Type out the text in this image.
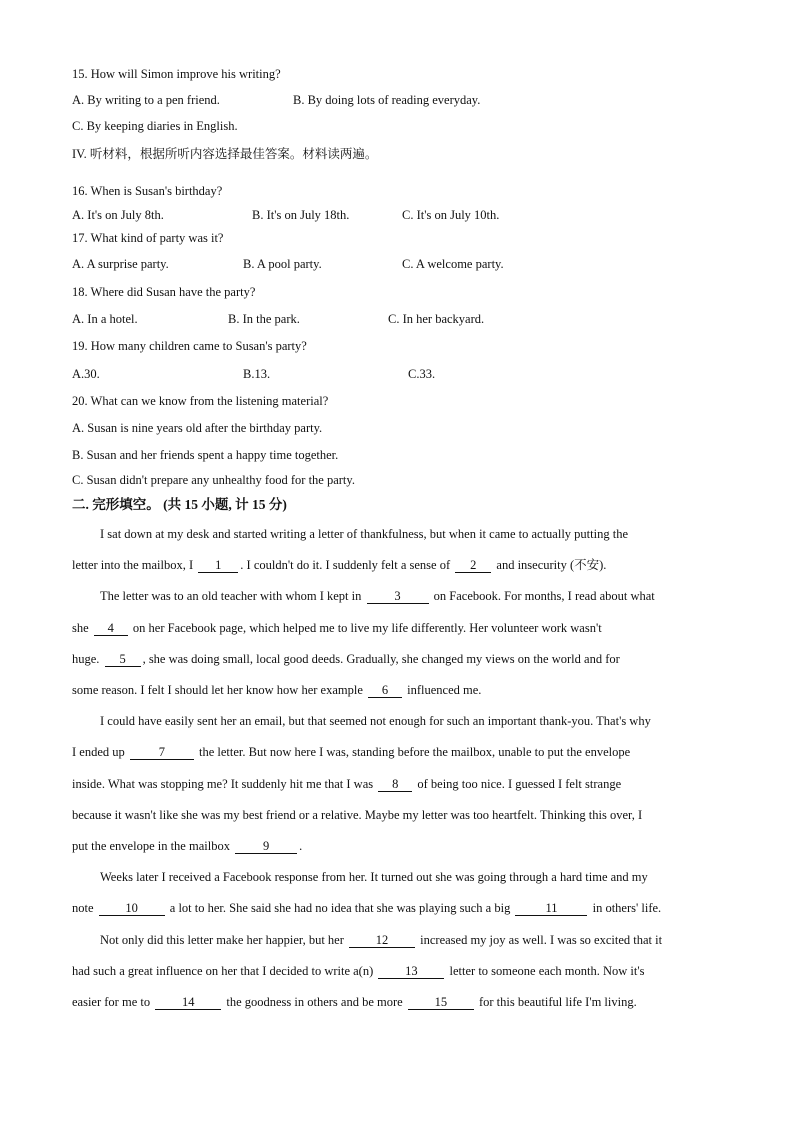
15. How will Simon improve his writing?
A. By writing to a pen friend.	B. By doing lots of reading everyday.
C. By keeping diaries in English.
IV. 听材料，根据所听内容选择最佳答案。材料读两遍。
16. When is Susan's birthday?
A. It's on July 8th.	B. It's on July 18th.	C. It's on July 10th.
17. What kind of party was it?
A. A surprise party.	B. A pool party.	C. A welcome party.
18. Where did Susan have the party?
A. In a hotel.	B. In the park.	C. In her backyard.
19. How many children came to Susan's party?
A.30.	B.13.	C.33.
20. What can we know from the listening material?
A. Susan is nine years old after the birthday party.
B. Susan and her friends spent a happy time together.
C. Susan didn't prepare any unhealthy food for the party.
二. 完形填空。 (共 15 小题, 计 15 分)
I sat down at my desk and started writing a letter of thankfulness, but when it came to actually putting the
letter into the mailbox, I 1 . I couldn't do it. I suddenly felt a sense of 2 and insecurity (不安).
The letter was to an old teacher with whom I kept in	3	on Facebook. For months, I read about what
she 4 on her Facebook page, which helped me to live my life differently. Her volunteer work wasn't
huge. 5 , she was doing small, local good deeds. Gradually, she changed my views on the world and for
some reason. I felt I should let her know how her example 6 influenced me.
I could have easily sent her an email, but that seemed not enough for such an important thank-you. That's why
I ended up	7	the letter. But now here I was, standing before the mailbox, unable to put the envelope
inside. What was stopping me? It suddenly hit me that I was 8 of being too nice. I guessed I felt strange
because it wasn't like she was my best friend or a relative. Maybe my letter was too heartfelt. Thinking this over, I
put the envelope in the mailbox	9 .
Weeks later I received a Facebook response from her. It turned out she was going through a hard time and my
note	10	a lot to her. She said she had no idea that she was playing such a big	11	in others' life.
Not only did this letter make her happier, but her	12	increased my joy as well. I was so excited that it
had such a great influence on her that I decided to write a(n)	13	letter to someone each month. Now it's
easier for me to	14	the goodness in others and be more	15	for this beautiful life I'm living.
